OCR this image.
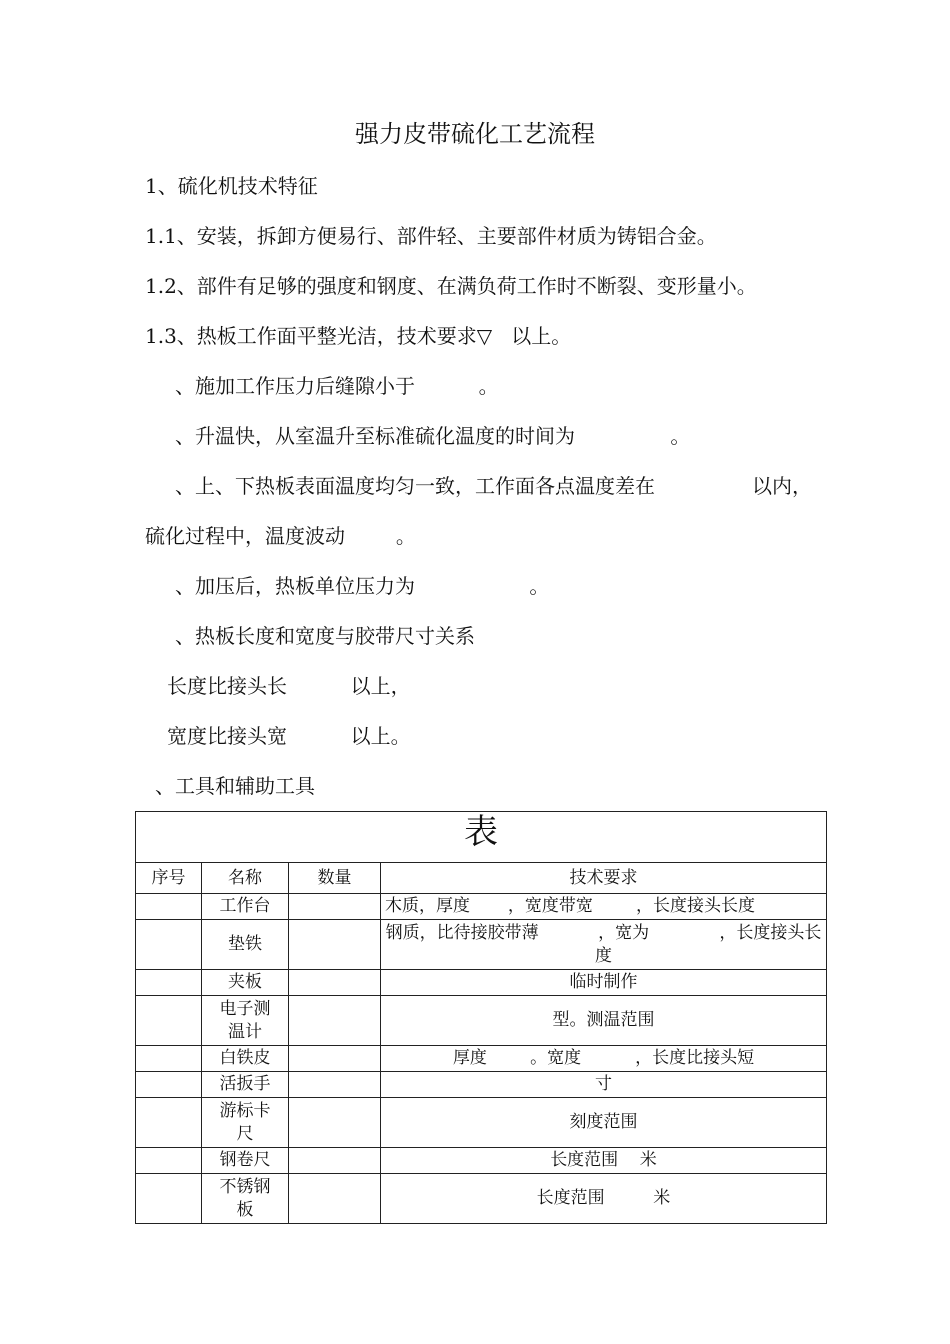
强力皮带硫化工艺流程
1、硫化机技术特征
1.1、安装，拆卸方便易行、部件轻、主要部件材质为铸铝合金。
1.2、部件有足够的强度和钢度、在满负荷工作时不断裂、变形量小。
1.3、热板工作面平整光洁，技术要求▽   以上。
、施加工作压力后缝隙小于          。
、升温快，从室温升至标准硫化温度的时间为               。
、上、下热板表面温度均匀一致，工作面各点温度差在	以内，
硫化过程中，温度波动        。
、加压后，热板单位压力为                  。
、热板长度和宽度与胶带尺寸关系
长度比接头长          以上，
宽度比接头宽          以上。
、工具和辅助工具
表			
序号	名称	数量	技术要求
	工作台		木质，厚度       ，宽度带宽        ，长度接头长度
	垫铁		钢质，比待接胶带薄           ，宽为             ，长度接头长度
	夹板		临时制作
	电子测温计		型。测温范围
	白铁皮		厚度        。宽度          ，长度比接头短
	活扳手		寸
	游标卡尺		刻度范围
	钢卷尺		长度范围    米
	不锈钢板		长度范围         米
